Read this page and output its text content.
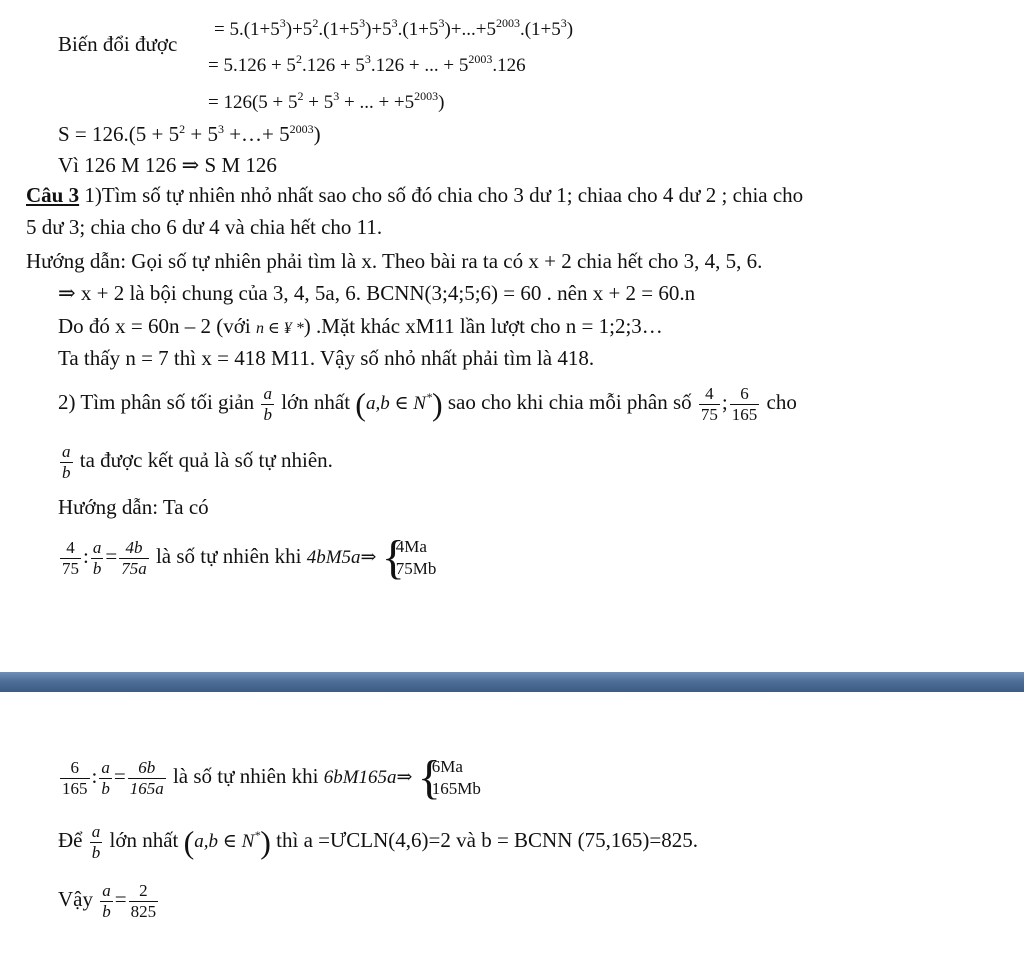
Biến đổi được
= $5.(1+5^3)+5^2.(1+5^3)+5^3.(1+5^3)+...+5^{2003}.(1+5^3)$
= $5.126 + 5^2.126 + 5^3.126$ + ... + $5^{2003}.126$
= $126(5 + 5^2 + 5^3$ + ... + $+5^{2003}$)
$S = 126.(5 + 5^2 + 5^3$ +…+ $5^{2003}$)
Vì 126 M 126 ⇒ S M 126
Câu 3 1)Tìm số tự nhiên nhỏ nhất sao cho số đó chia cho 3 dư 1; chiaa cho 4 dư 2 ; chia cho
5 dư 3; chia cho 6 dư 4 và chia hết cho 11.
Hướng dẫn: Gọi số tự nhiên phải tìm là x. Theo bài ra ta có x + 2 chia hết cho 3, 4, 5, 6.
⇒ x + 2 là bội chung của 3, 4, 5a, 6. BCNN(3;4;5;6) = 60 . nên x + 2 = 60.n
Do đó x = 60n – 2 (với n ∈ ¥ *) .Mặt khác xM11 lần lượt cho n = 1;2;3…
Ta thấy n = 7 thì x = 418 M11. Vậy số nhỏ nhất phải tìm là 418.
2) Tìm phân số tối giản $\frac{a}{b}$ lớn nhất (a,b ∈ N*) sao cho khi chia mỗi phân số $\frac{4}{75}$ ; $\frac{6}{165}$ cho
$\frac{a}{b}$ ta được kết quả là số tự nhiên.
Hướng dẫn: Ta có
$\frac{4}{75}$ : $\frac{a}{b} = \frac{4b}{75a}$ là số tự nhiên khi 4bM5a⇒ {
4Ma
75Mb
$\frac{6}{165}$ : $\frac{a}{b} = \frac{6b}{165a}$ là số tự nhiên khi 6bM165a⇒ {
6Ma
165Mb
Để $\frac{a}{b}$ lớn nhất (a,b ∈ N*) thì a =ƯCLN(4,6)=2 và b = BCNN (75,165)=825.
Vậy $\frac{a}{b} = \frac{2}{825}$
